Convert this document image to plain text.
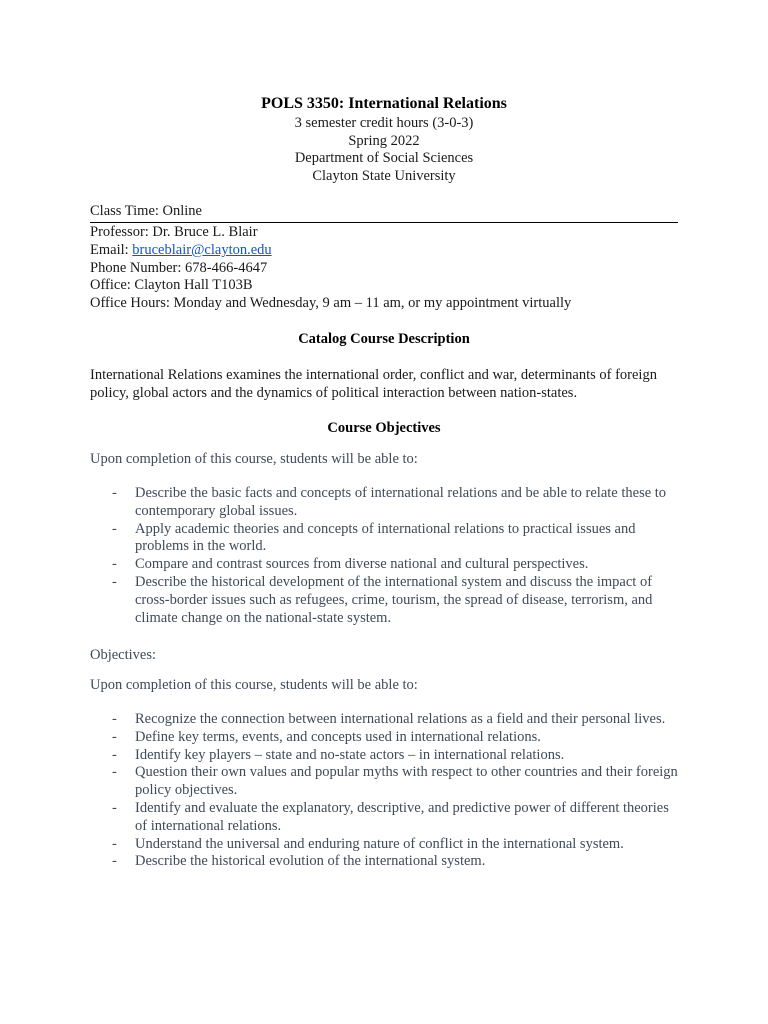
POLS 3350: International Relations
3 semester credit hours (3-0-3)
Spring 2022
Department of Social Sciences
Clayton State University
Class Time: Online
Professor: Dr. Bruce L. Blair
Email: bruceblair@clayton.edu
Phone Number: 678-466-4647
Office: Clayton Hall T103B
Office Hours: Monday and Wednesday, 9 am – 11 am, or my appointment virtually
Catalog Course Description
International Relations examines the international order, conflict and war, determinants of foreign policy, global actors and the dynamics of political interaction between nation-states.
Course Objectives
Upon completion of this course, students will be able to:
- Describe the basic facts and concepts of international relations and be able to relate these to contemporary global issues.
- Apply academic theories and concepts of international relations to practical issues and problems in the world.
- Compare and contrast sources from diverse national and cultural perspectives.
- Describe the historical development of the international system and discuss the impact of cross-border issues such as refugees, crime, tourism, the spread of disease, terrorism, and climate change on the national-state system.
Objectives:
Upon completion of this course, students will be able to:
- Recognize the connection between international relations as a field and their personal lives.
- Define key terms, events, and concepts used in international relations.
- Identify key players – state and no-state actors – in international relations.
- Question their own values and popular myths with respect to other countries and their foreign policy objectives.
- Identify and evaluate the explanatory, descriptive, and predictive power of different theories of international relations.
- Understand the universal and enduring nature of conflict in the international system.
- Describe the historical evolution of the international system.
